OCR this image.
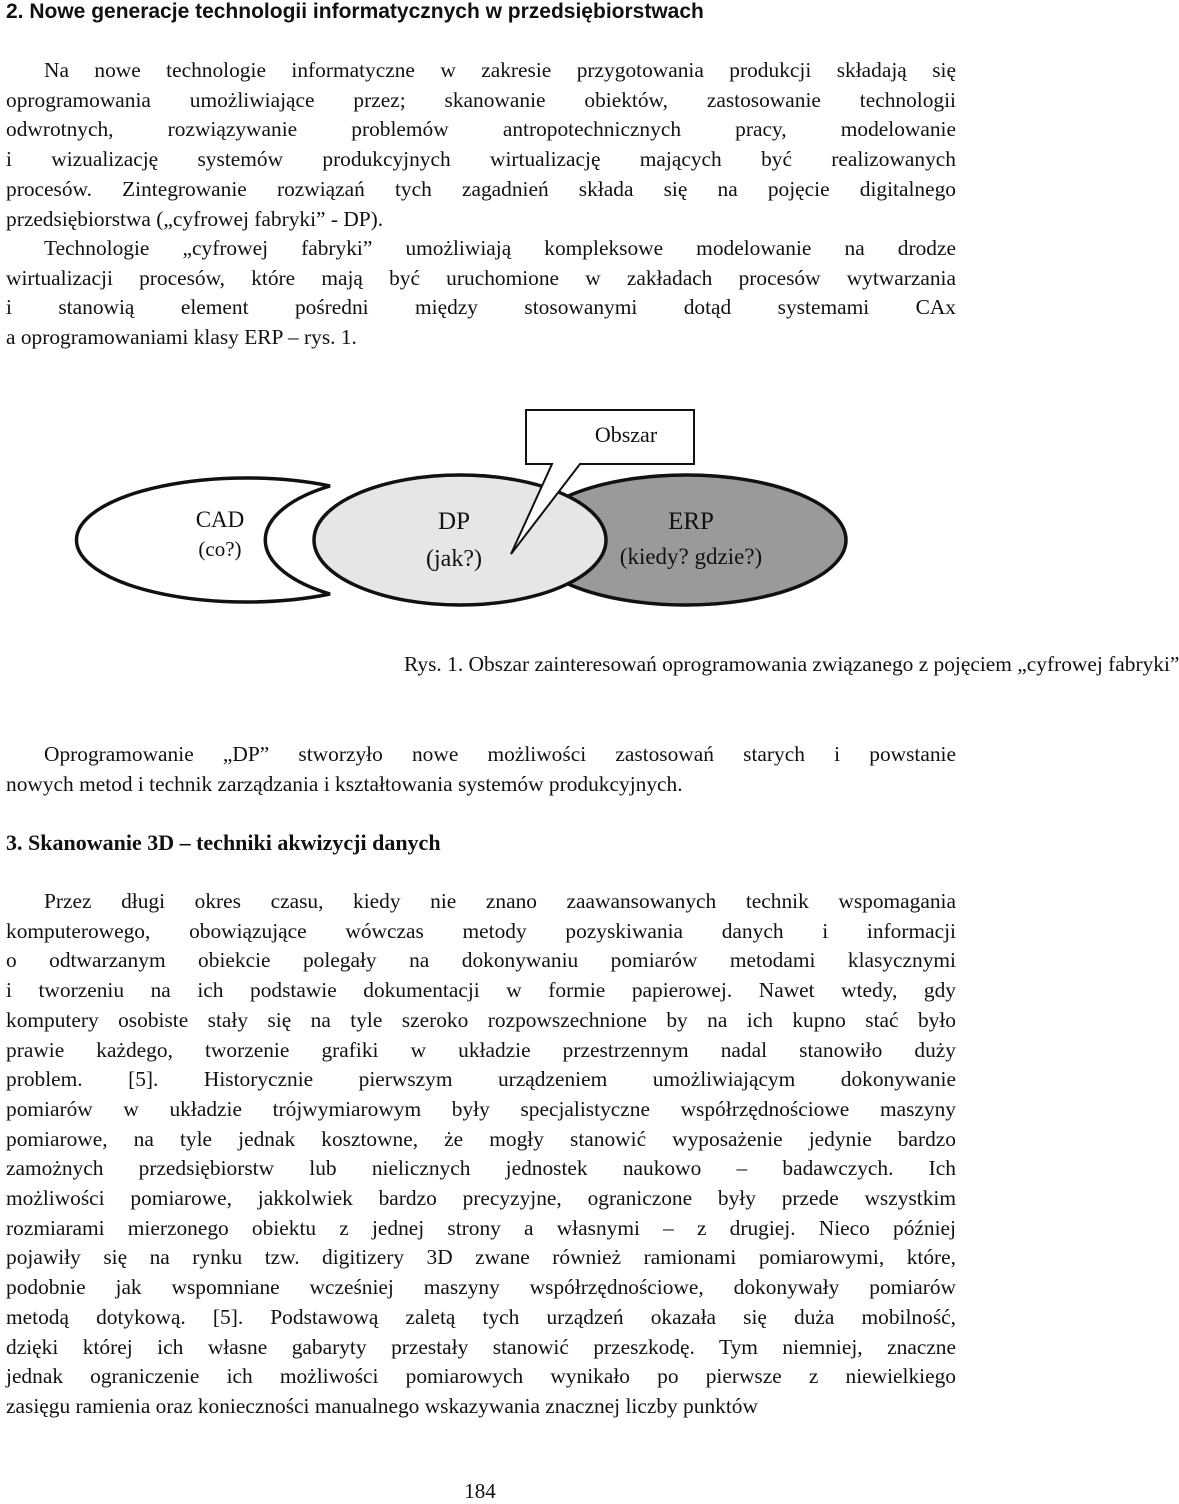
2. Nowe generacje technologii informatycznych w przedsiębiorstwach
Na nowe technologie informatyczne w zakresie przygotowania produkcji składają się
oprogramowania umożliwiające przez; skanowanie obiektów, zastosowanie technologii
odwrotnych, rozwiązywanie problemów antropotechnicznych pracy, modelowanie
i wizualizację systemów produkcyjnych wirtualizację mających być realizowanych
procesów. Zintegrowanie rozwiązań tych zagadnień składa się na pojęcie digitalnego
przedsiębiorstwa („cyfrowej fabryki” - DP).
Technologie „cyfrowej fabryki” umożliwiają kompleksowe modelowanie na drodze
wirtualizacji procesów, które mają być uruchomione w zakładach procesów wytwarzania
i stanowią element pośredni między stosowanymi dotąd systemami CAx
a oprogramowaniami klasy ERP – rys. 1.
Obszar
CAD
(co?)
DP
(jak?)
ERP
(kiedy? gdzie?)

Rys. 1. Obszar zainteresowań oprogramowania związanego z pojęciem „cyfrowej fabryki”

Oprogramowanie „DP” stworzyło nowe możliwości zastosowań starych i powstanie
nowych metod i technik zarządzania i kształtowania systemów produkcyjnych.
3. Skanowanie 3D – techniki akwizycji danych
Przez długi okres czasu, kiedy nie znano zaawansowanych technik wspomagania
komputerowego, obowiązujące wówczas metody pozyskiwania danych i informacji
o odtwarzanym obiekcie polegały na dokonywaniu pomiarów metodami klasycznymi
i tworzeniu na ich podstawie dokumentacji w formie papierowej. Nawet wtedy, gdy
komputery osobiste stały się na tyle szeroko rozpowszechnione by na ich kupno stać było
prawie każdego, tworzenie grafiki w układzie przestrzennym nadal stanowiło duży
problem. [5]. Historycznie pierwszym urządzeniem umożliwiającym dokonywanie
pomiarów w układzie trójwymiarowym były specjalistyczne współrzędnościowe maszyny
pomiarowe, na tyle jednak kosztowne, że mogły stanowić wyposażenie jedynie bardzo
zamożnych przedsiębiorstw lub nielicznych jednostek naukowo – badawczych. Ich
możliwości pomiarowe, jakkolwiek bardzo precyzyjne, ograniczone były przede wszystkim
rozmiarami mierzonego obiektu z jednej strony a własnymi – z drugiej. Nieco później
pojawiły się na rynku tzw. digitizery 3D zwane również ramionami pomiarowymi, które,
podobnie jak wspomniane wcześniej maszyny współrzędnościowe, dokonywały pomiarów
metodą dotykową. [5]. Podstawową zaletą tych urządzeń okazała się duża mobilność,
dzięki której ich własne gabaryty przestały stanowić przeszkodę. Tym niemniej, znaczne
jednak ograniczenie ich możliwości pomiarowych wynikało po pierwsze z niewielkiego
zasięgu ramienia oraz konieczności manualnego wskazywania znacznej liczby punktów
184
